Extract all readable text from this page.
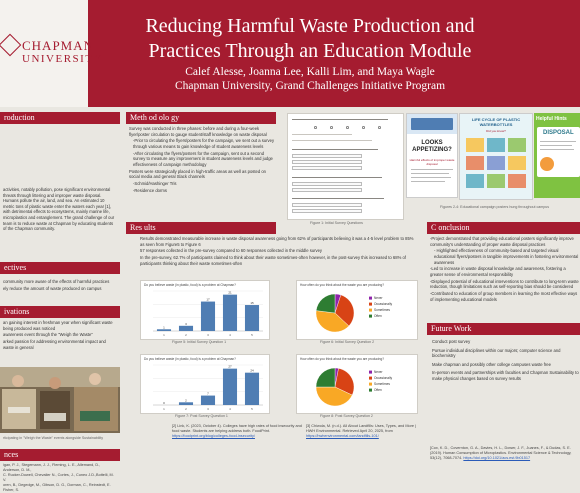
CHAPMAN
UNIVERSITY
Reducing Harmful Waste Production and
Practices Through an Education Module
Calef Alesse, Joanna Lee, Kalli Lim, and Maya Wagle
Chapman University, Grand Challenges Initiative Program
roduction

activities, notably pollution, pose significant environmental threats through littering and improper waste disposal. Humans pollute the air, land, and sea. An estimated 10 metric tons of plastic waste enter the waters each year [1], with detrimental effects to ecosystems, mainly marine life, microplastics and entanglement. The grand challenge of our team is to reduce waste at Chapman by educating students of the Chapman community.

ectives

community more aware of the effects of harmful practices

ely reduce the amount of waste produced on campus

ivations

an gaining interest in freshman year when significant waste being produced was noticed

awareness event through the "Weigh the Waste"

arked passion for addressing environmental impact and waste in general

rticipating in "Weigh the Waste" events alongside Sustainability
nces
igan, P. J., Stegemann, J. J., Fleming, L. E., Allemand, D., Anderson, D. M.,
C. Rucker-Dowell, Chevalier N., Cortes, J., Cuneo J.D.,Bottelli, M. V.
oren, B., Degedge, M., Gibson, D. G., Dorman, C., Reinstedt, E. Fisher, S.
Meth od olo gy

Survey was conducted in three phases: before and during a four-week flyer/poster circulation to gauge student/staff knowledge on waste disposal

-Prior to circulating the flyers/posters for the campaign, we sent out a survey through various means to gain knowledge of student awareness levels

-After circulating the flyers/posters for the campaign, sent out a second survey to measure any improvement in student awareness levels and judge effectiveness of campaign methodology

Posters were strategically placed in high-traffic areas as well as posted on social media and general Slack channels

-Schmid/Hashinger Tris

-Residence dorms

Figure 1: Initial Survey Questions
LOOKS APPETIZING?
Harmful effects of improper waste disposal
LIFE CYCLE OF PLASTIC WATERBOTTLES
Did you know?
Helpful Hints
DISPOSAL
Figures 2-4: Educational campaign posters hung throughout campus
Res ults

Results demonstrated measurable increase in waste disposal awareness going from 62% of participants believing it was a 4-5 level problem to 85% as seen from Figure5 to Figure 6

57 responses collected in the pre-survey compared to 60 responses collected in the middle survey

In the pre-survey, 62.7% of participants claimed to think about their waste sometimes-often however, in the post-survey this increased to 68% of participants thinking about their waste sometimes-often

Do you believe waste (in plastic, food) is a problem at Chapman?
1
1
3
2
17
3
21
4
15
5
Figure 5: Initial Survey Question 1
How often do you think about the waste you are producing?
Never
Occasionally
Sometimes
Often
Figure 6: Initial Survey Question 2
Do you believe waste (in plastic, food) is a problem at Chapman?
0
1
2
2
7
3
27
4
24
5
Figure 7: Post Survey Question 1
How often do you think about the waste you are producing?
Never
Occasionally
Sometimes
Often
Figure 8: Post Survey Question 2
[2] Link, K. (2023, October 4). Colleges have high rates of food insecurity and food waste. Students are helping address both. FoodPrint. https://foodprint.org/blog/colleges-food-insecurity/
[3] Chiwola, M. (n.d.). All About Landfills: Uses, Types, and More | HWH Environmental. Retrieved April 20, 2025, from https://hwhenvironmental.com/landfills-101/
C onclusion

-Project demonstrated that providing educational posters significantly improve community's understanding of proper waste disposal practices

- Highlighted effectiveness of community-based and targeted visual educational flyers/posters in tangible improvements in fostering environmental awareness

-Led to increase in waste disposal knowledge and awareness, fostering a greater sense of environmental responsibility

-Displayed potential of educational interventions to contribute to long-term waste reduction, though limitations such as self-reporting bias should be considered

-Contributed to education of group members in learning the most effective ways of implementing educational models

Future Work

Conduct post survey

Pursue individual disciplines within our majors; computer science and biochemistry

Make chapman and possibly other college campuses waste free

In-person events and partnerships with faculties and Chapman Sustainability to make physical changes based on survey results

[Cox, K. D., Covernton, G. A., Davies, H. L., Dower, J. F., Juanes, F., & Dudas, S. E. (2019). Human Consumption of Microplastics. Environmental Science & Technology, 53(12), 7068-7074. https://doi.org/10.1021/acs.est.9b01517
